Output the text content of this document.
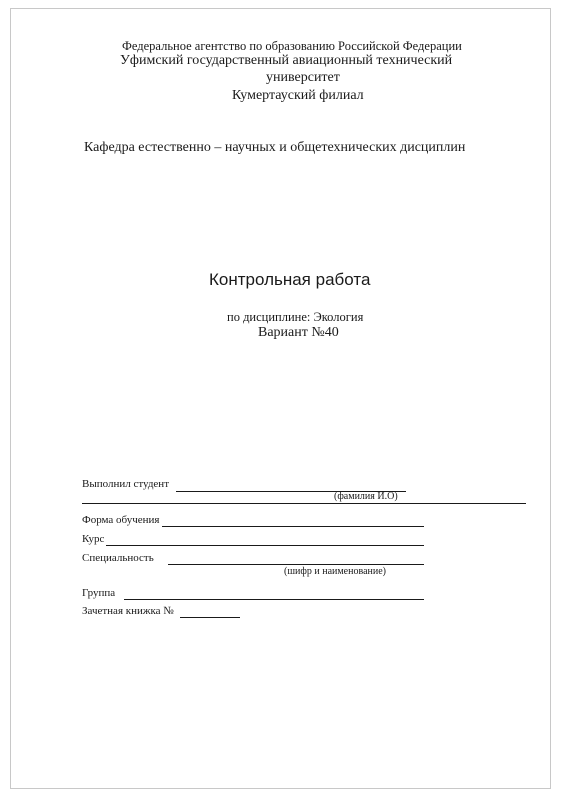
Федеральное агентство по образованию Российской Федерации
Уфимский государственный авиационный технический
университет
Кумертауский филиал
Кафедра естественно – научных и общетехнических дисциплин
Контрольная работа
по дисциплине: Экология
Вариант №40
Выполнил студент
(фамилия И.О)
Форма обучения
Курс
Специальность
(шифр и наименование)
Группа
Зачетная книжка №
